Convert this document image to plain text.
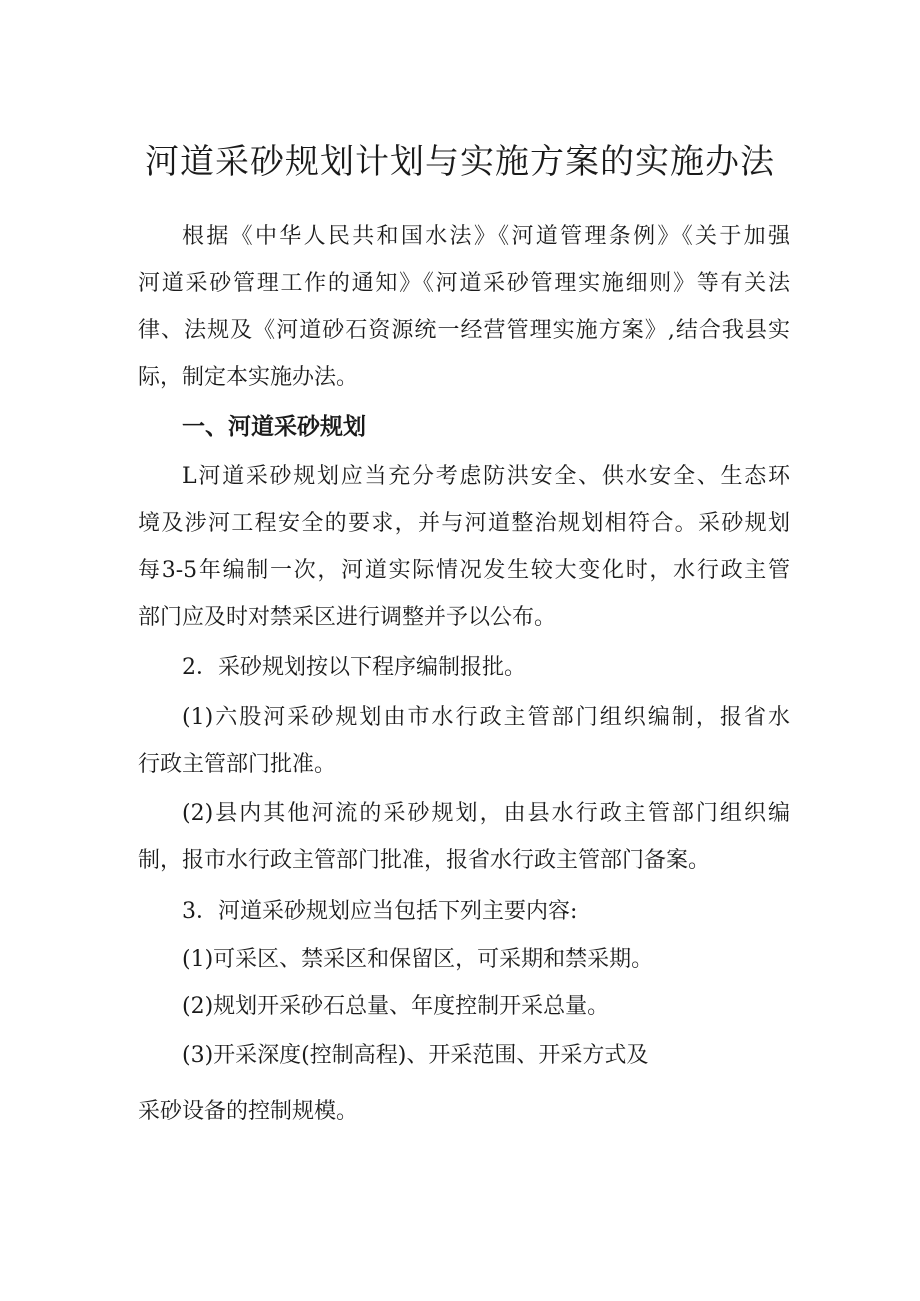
河道采砂规划计划与实施方案的实施办法
根据《中华人民共和国水法》《河道管理条例》《关于加强
河道采砂管理工作的通知》《河道采砂管理实施细则》等有关法
律、法规及《河道砂石资源统一经营管理实施方案》,结合我县实
际，制定本实施办法。
一、河道采砂规划
L河道采砂规划应当充分考虑防洪安全、供水安全、生态环
境及涉河工程安全的要求，并与河道整治规划相符合。采砂规划
每3-5年编制一次，河道实际情况发生较大变化时，水行政主管
部门应及时对禁采区进行调整并予以公布。
2．采砂规划按以下程序编制报批。
(1)六股河采砂规划由市水行政主管部门组织编制，报省水
行政主管部门批准。
(2)县内其他河流的采砂规划，由县水行政主管部门组织编
制，报市水行政主管部门批准，报省水行政主管部门备案。
3．河道采砂规划应当包括下列主要内容:
(1)可采区、禁采区和保留区，可采期和禁采期。
(2)规划开采砂石总量、年度控制开采总量。
(3)开采深度(控制高程)、开采范围、开采方式及
采砂设备的控制规模。
